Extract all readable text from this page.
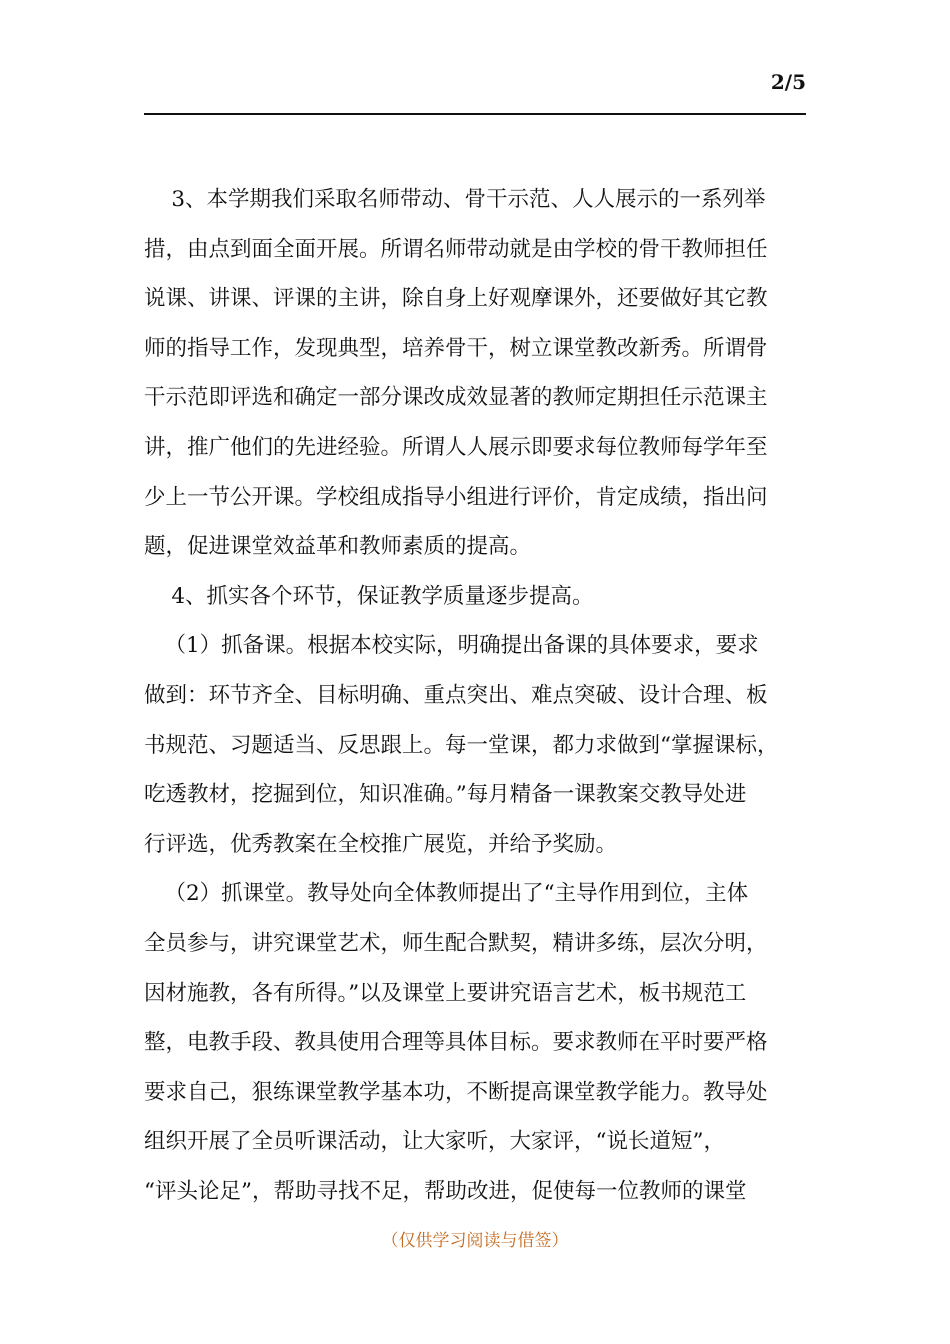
2/5
3、本学期我们采取名师带动、骨干示范、人人展示的一系列举
措，由点到面全面开展。所谓名师带动就是由学校的骨干教师担任
说课、讲课、评课的主讲，除自身上好观摩课外，还要做好其它教
师的指导工作，发现典型，培养骨干，树立课堂教改新秀。所谓骨
干示范即评选和确定一部分课改成效显著的教师定期担任示范课主
讲，推广他们的先进经验。所谓人人展示即要求每位教师每学年至
少上一节公开课。学校组成指导小组进行评价，肯定成绩，指出问
题，促进课堂效益革和教师素质的提高。
4、抓实各个环节，保证教学质量逐步提高。
（1）抓备课。根据本校实际，明确提出备课的具体要求，要求
做到：环节齐全、目标明确、重点突出、难点突破、设计合理、板
书规范、习题适当、反思跟上。每一堂课，都力求做到“掌握课标，
吃透教材，挖掘到位，知识准确。”每月精备一课教案交教导处进
行评选，优秀教案在全校推广展览，并给予奖励。
（2）抓课堂。教导处向全体教师提出了“主导作用到位，主体
全员参与，讲究课堂艺术，师生配合默契，精讲多练，层次分明，
因材施教，各有所得。”以及课堂上要讲究语言艺术，板书规范工
整，电教手段、教具使用合理等具体目标。要求教师在平时要严格
要求自己，狠练课堂教学基本功，不断提高课堂教学能力。教导处
组织开展了全员听课活动，让大家听，大家评，“说长道短”，
“评头论足”，帮助寻找不足，帮助改进，促使每一位教师的课堂
（仅供学习阅读与借签）
